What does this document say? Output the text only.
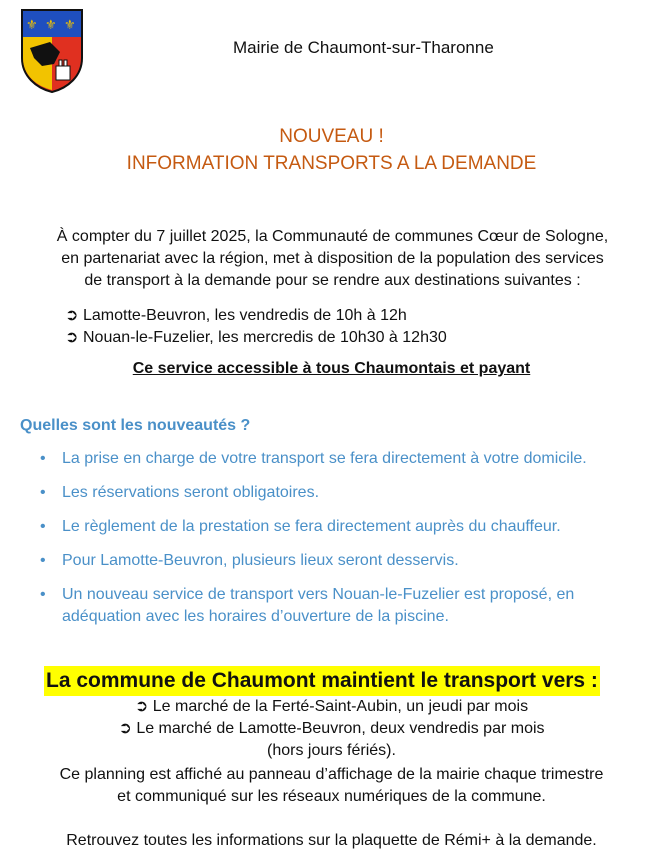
⚜ ⚜ ⚜
Mairie de Chaumont-sur-Tharonne
NOUVEAU !
INFORMATION TRANSPORTS A LA DEMANDE
À compter du 7 juillet 2025, la Communauté de communes Cœur de Sologne,
en partenariat avec la région, met à disposition de la population des services
de transport à la demande pour se rendre aux destinations suivantes :
➲ Lamotte-Beuvron, les vendredis de 10h à 12h
➲ Nouan-le-Fuzelier, les mercredis de 10h30 à 12h30
Ce service accessible à tous Chaumontais et payant
Quelles sont les nouveautés ?
• La prise en charge de votre transport se fera directement à votre domicile.
• Les réservations seront obligatoires.
• Le règlement de la prestation se fera directement auprès du chauffeur.
• Pour Lamotte-Beuvron, plusieurs lieux seront desservis.
• Un nouveau service de transport vers Nouan-le-Fuzelier est proposé, en adéquation avec les horaires d’ouverture de la piscine.
La commune de Chaumont maintient le transport vers :
➲ Le marché de la Ferté-Saint-Aubin, un jeudi par mois
➲ Le marché de Lamotte-Beuvron, deux vendredis par mois
(hors jours fériés).
Ce planning est affiché au panneau d’affichage de la mairie chaque trimestre
et communiqué sur les réseaux numériques de la commune.
Retrouvez toutes les informations sur la plaquette de Rémi+ à la demande.
